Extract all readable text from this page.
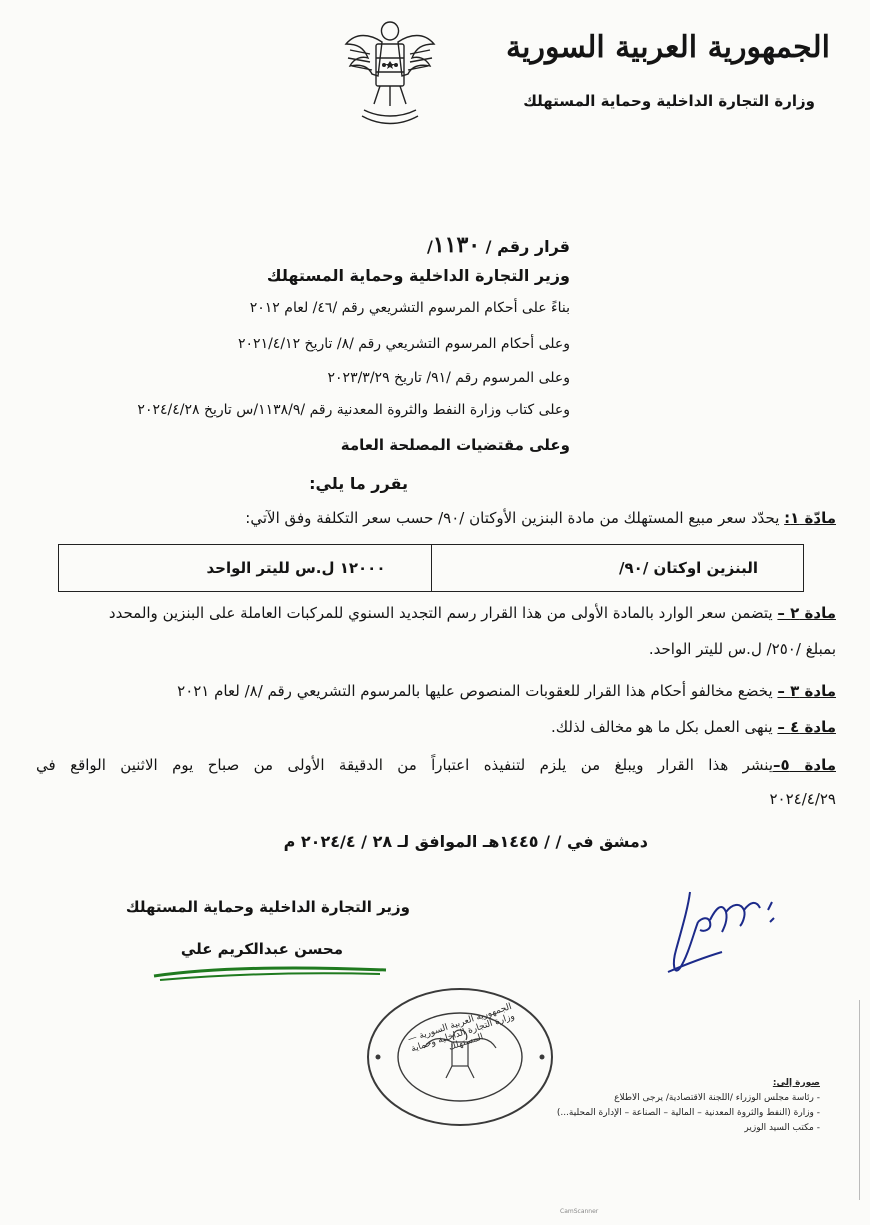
الجمهورية العربية السورية
وزارة التجارة الداخلية وحماية المستهلك
قرار رقم / ١١٣٠/
وزير التجارة الداخلية وحماية المستهلك
بناءً على أحكام المرسوم التشريعي رقم /٤٦/ لعام ٢٠١٢
وعلى أحكام المرسوم التشريعي رقم /٨/ تاريخ ٢٠٢١/٤/١٢
وعلى المرسوم رقم /٩١/ تاريخ ٢٠٢٣/٣/٢٩
وعلى كتاب وزارة النفط والثروة المعدنية رقم /١١٣٨/٩/س تاريخ ٢٠٢٤/٤/٢٨
وعلى مقتضيات المصلحة العامة
يقرر ما يلي:
مادّة ١: يحدّد سعر مبيع المستهلك من مادة البنزين الأوكتان /٩٠/ حسب سعر التكلفة وفق الآتي:
البنزين اوكتان /٩٠/
١٢٠٠٠ ل.س لليتر الواحد
مادة ٢ – يتضمن سعر الوارد بالمادة الأولى من هذا القرار رسم التجديد السنوي للمركبات العاملة على البنزين والمحدد
بمبلغ /٢٥٠/ ل.س لليتر الواحد.
مادة ٣ – يخضع مخالفو أحكام هذا القرار للعقوبات المنصوص عليها بالمرسوم التشريعي رقم /٨/ لعام ٢٠٢١
مادة ٤ – ينهى العمل بكل ما هو مخالف لذلك.
مادة ٥–ينشر هذا القرار ويبلغ من يلزم لتنفيذه اعتباراً من الدقيقة الأولى من صباح يوم الاثنين الواقع في
٢٠٢٤/٤/٢٩
دمشق في / / ١٤٤٥هـ الموافق لـ ٢٨ / ٢٠٢٤/٤ م
وزير التجارة الداخلية وحماية المستهلك
محسن عبدالكريم علي
الجمهورية العربية السورية — وزارة التجارة الداخلية وحماية المستهلك
صورة إلى:
- رئاسة مجلس الوزراء /اللجنة الاقتصادية/ يرجى الاطلاع
- وزارة (النفط والثروة المعدنية – المالية – الصناعة – الإدارة المحلية...)
- مكتب السيد الوزير
CamScanner
